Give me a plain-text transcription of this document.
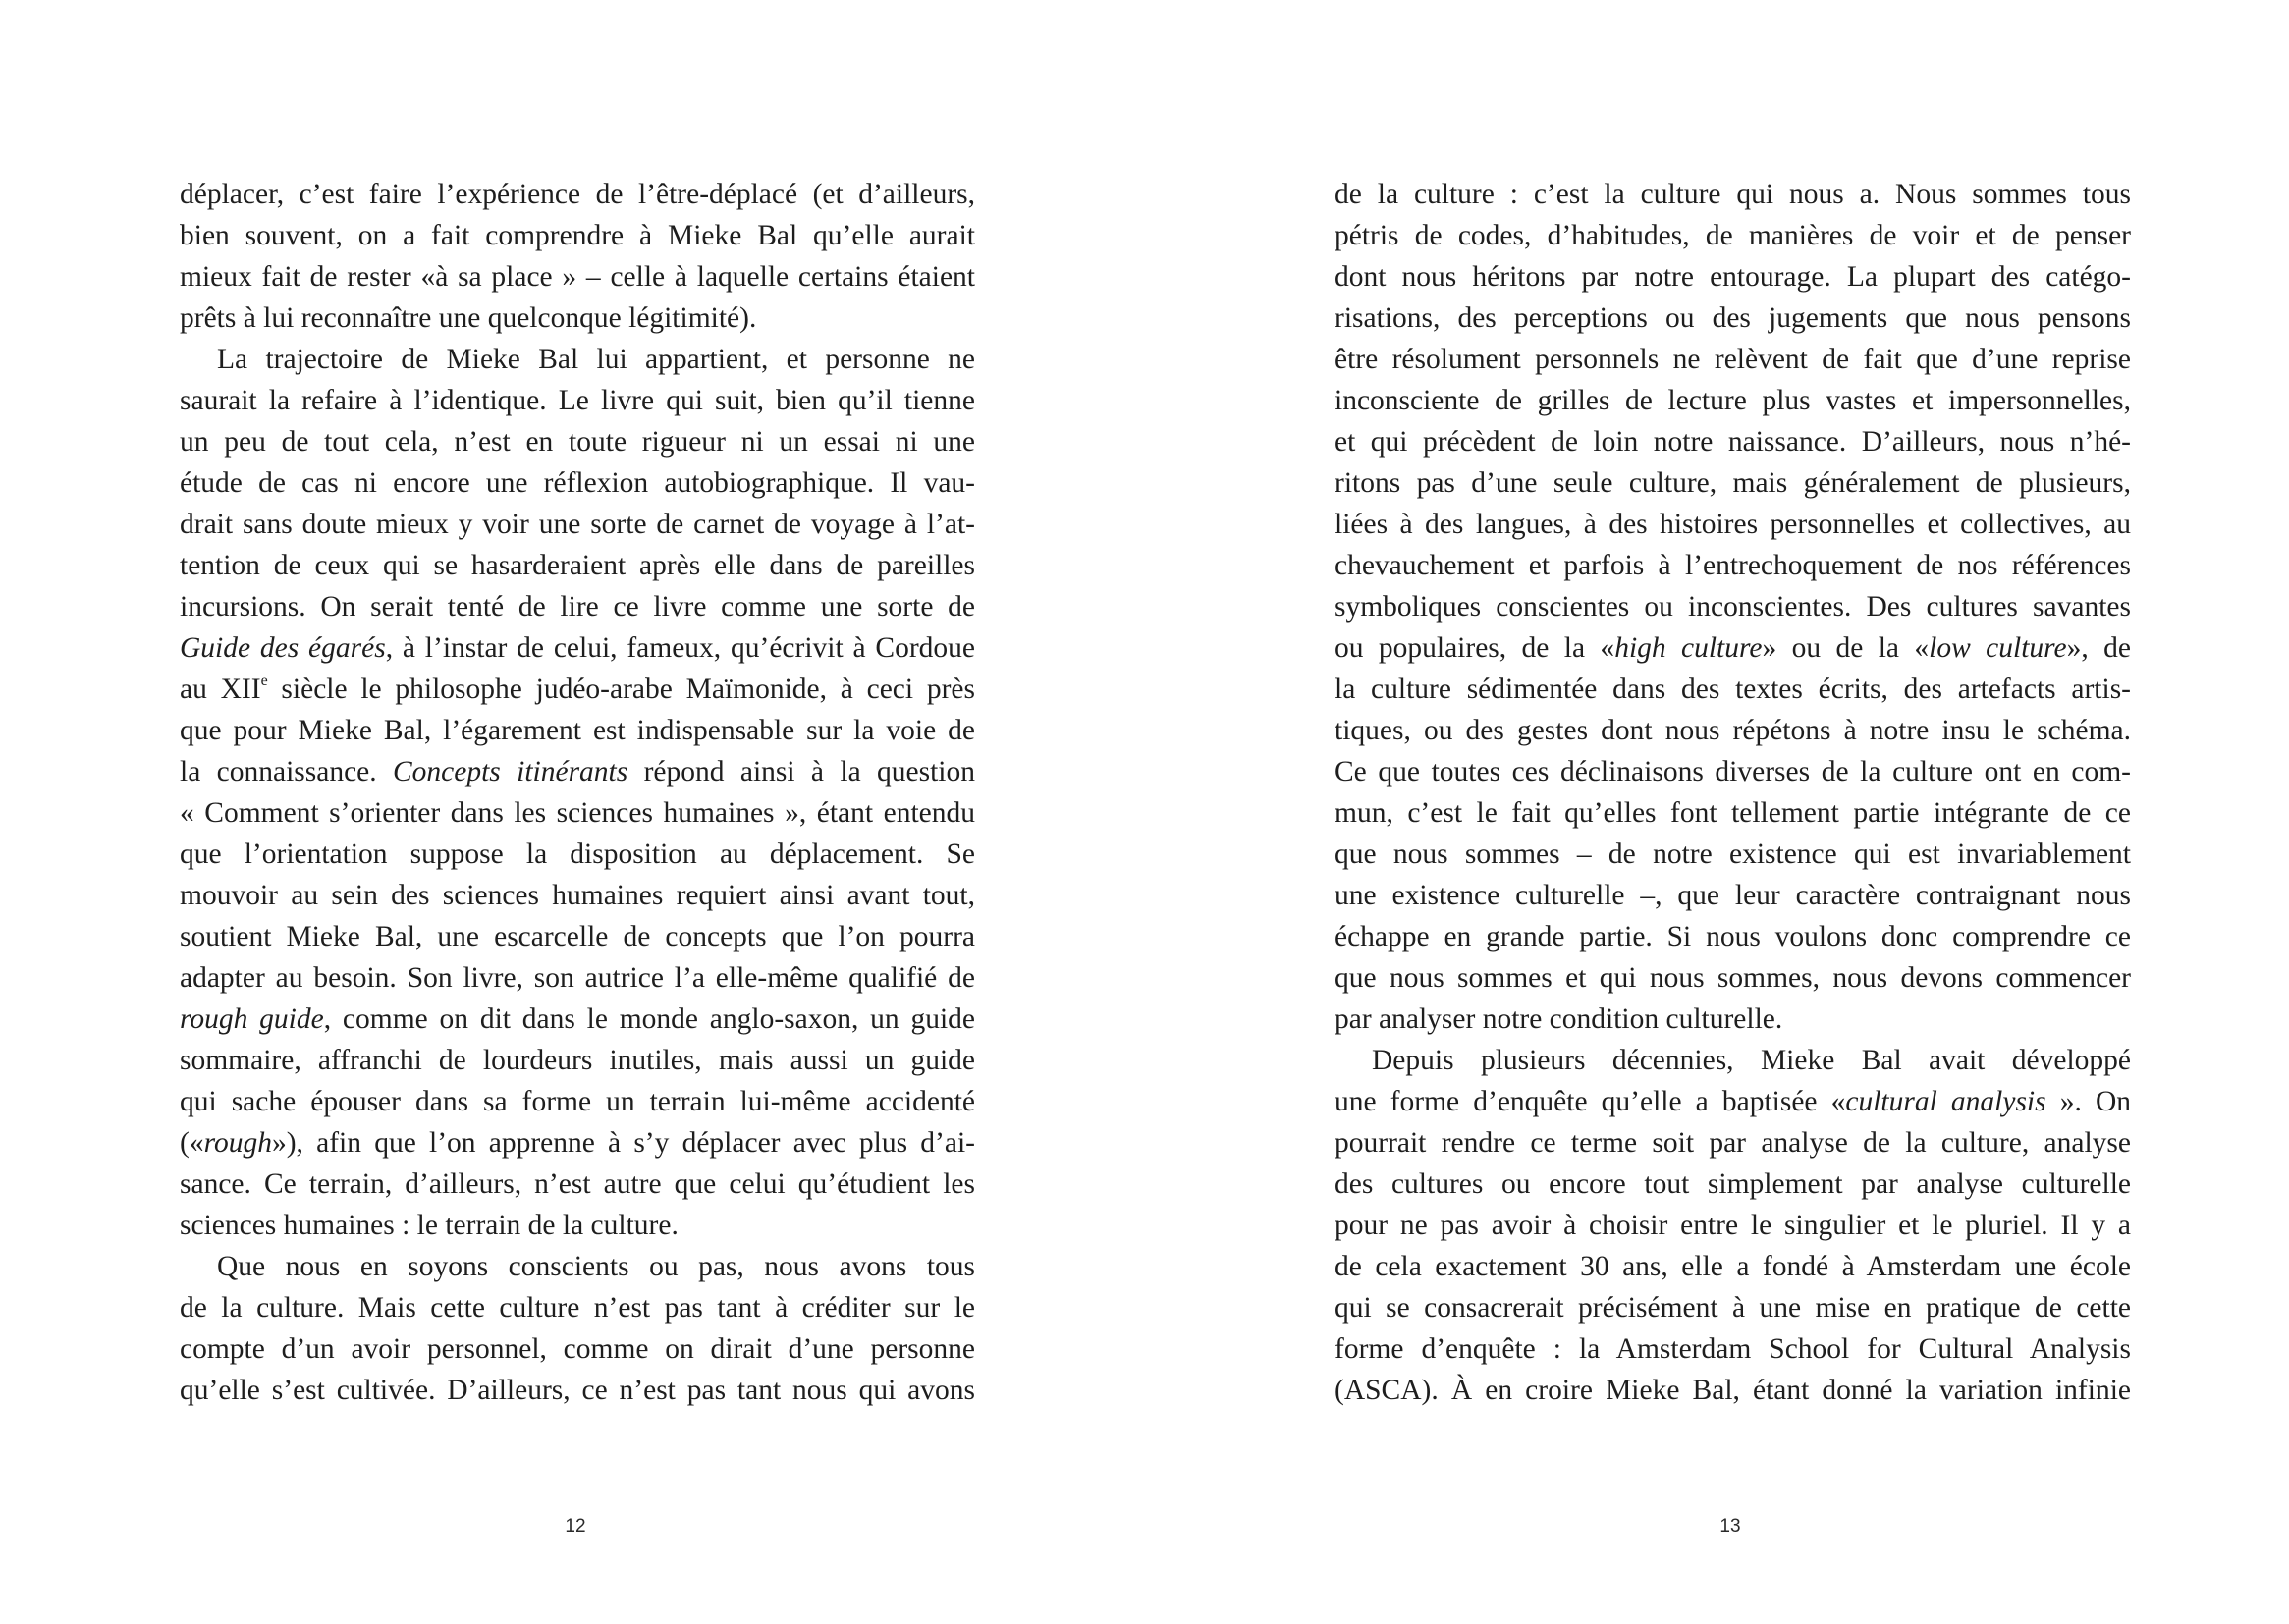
déplacer, c’est faire l’expérience de l’être-déplacé (et d’ailleurs,
bien souvent, on a fait comprendre à Mieke Bal qu’elle aurait
mieux fait de rester «à sa place » – celle à laquelle certains étaient
prêts à lui reconnaître une quelconque légitimité).
La trajectoire de Mieke Bal lui appartient, et personne ne
saurait la refaire à l’identique. Le livre qui suit, bien qu’il tienne
un peu de tout cela, n’est en toute rigueur ni un essai ni une
étude de cas ni encore une réflexion autobiographique. Il vau-
drait sans doute mieux y voir une sorte de carnet de voyage à l’at-
tention de ceux qui se hasarderaient après elle dans de pareilles
incursions. On serait tenté de lire ce livre comme une sorte de
Guide des égarés, à l’instar de celui, fameux, qu’écrivit à Cordoue
au XIIe siècle le philosophe judéo-arabe Maïmonide, à ceci près
que pour Mieke Bal, l’égarement est indispensable sur la voie de
la connaissance. Concepts itinérants répond ainsi à la question
« Comment s’orienter dans les sciences humaines », étant entendu
que l’orientation suppose la disposition au déplacement. Se
mouvoir au sein des sciences humaines requiert ainsi avant tout,
soutient Mieke Bal, une escarcelle de concepts que l’on pourra
adapter au besoin. Son livre, son autrice l’a elle-même qualifié de
rough guide, comme on dit dans le monde anglo-saxon, un guide
sommaire, affranchi de lourdeurs inutiles, mais aussi un guide
qui sache épouser dans sa forme un terrain lui-même accidenté
(«rough»), afin que l’on apprenne à s’y déplacer avec plus d’ai-
sance. Ce terrain, d’ailleurs, n’est autre que celui qu’étudient les
sciences humaines : le terrain de la culture.
Que nous en soyons conscients ou pas, nous avons tous
de la culture. Mais cette culture n’est pas tant à créditer sur le
compte d’un avoir personnel, comme on dirait d’une personne
qu’elle s’est cultivée. D’ailleurs, ce n’est pas tant nous qui avons
12
de la culture : c’est la culture qui nous a. Nous sommes tous
pétris de codes, d’habitudes, de manières de voir et de penser
dont nous héritons par notre entourage. La plupart des catégo-
risations, des perceptions ou des jugements que nous pensons
être résolument personnels ne relèvent de fait que d’une reprise
inconsciente de grilles de lecture plus vastes et impersonnelles,
et qui précèdent de loin notre naissance. D’ailleurs, nous n’hé-
ritons pas d’une seule culture, mais généralement de plusieurs,
liées à des langues, à des histoires personnelles et collectives, au
chevauchement et parfois à l’entrechoquement de nos références
symboliques conscientes ou inconscientes. Des cultures savantes
ou populaires, de la «high culture» ou de la «low culture», de
la culture sédimentée dans des textes écrits, des artefacts artis-
tiques, ou des gestes dont nous répétons à notre insu le schéma.
Ce que toutes ces déclinaisons diverses de la culture ont en com-
mun, c’est le fait qu’elles font tellement partie intégrante de ce
que nous sommes – de notre existence qui est invariablement
une existence culturelle –, que leur caractère contraignant nous
échappe en grande partie. Si nous voulons donc comprendre ce
que nous sommes et qui nous sommes, nous devons commencer
par analyser notre condition culturelle.
Depuis plusieurs décennies, Mieke Bal avait développé
une forme d’enquête qu’elle a baptisée «cultural analysis ». On
pourrait rendre ce terme soit par analyse de la culture, analyse
des cultures ou encore tout simplement par analyse culturelle
pour ne pas avoir à choisir entre le singulier et le pluriel. Il y a
de cela exactement 30 ans, elle a fondé à Amsterdam une école
qui se consacrerait précisément à une mise en pratique de cette
forme d’enquête : la Amsterdam School for Cultural Analysis
(ASCA). À en croire Mieke Bal, étant donné la variation infinie
13
